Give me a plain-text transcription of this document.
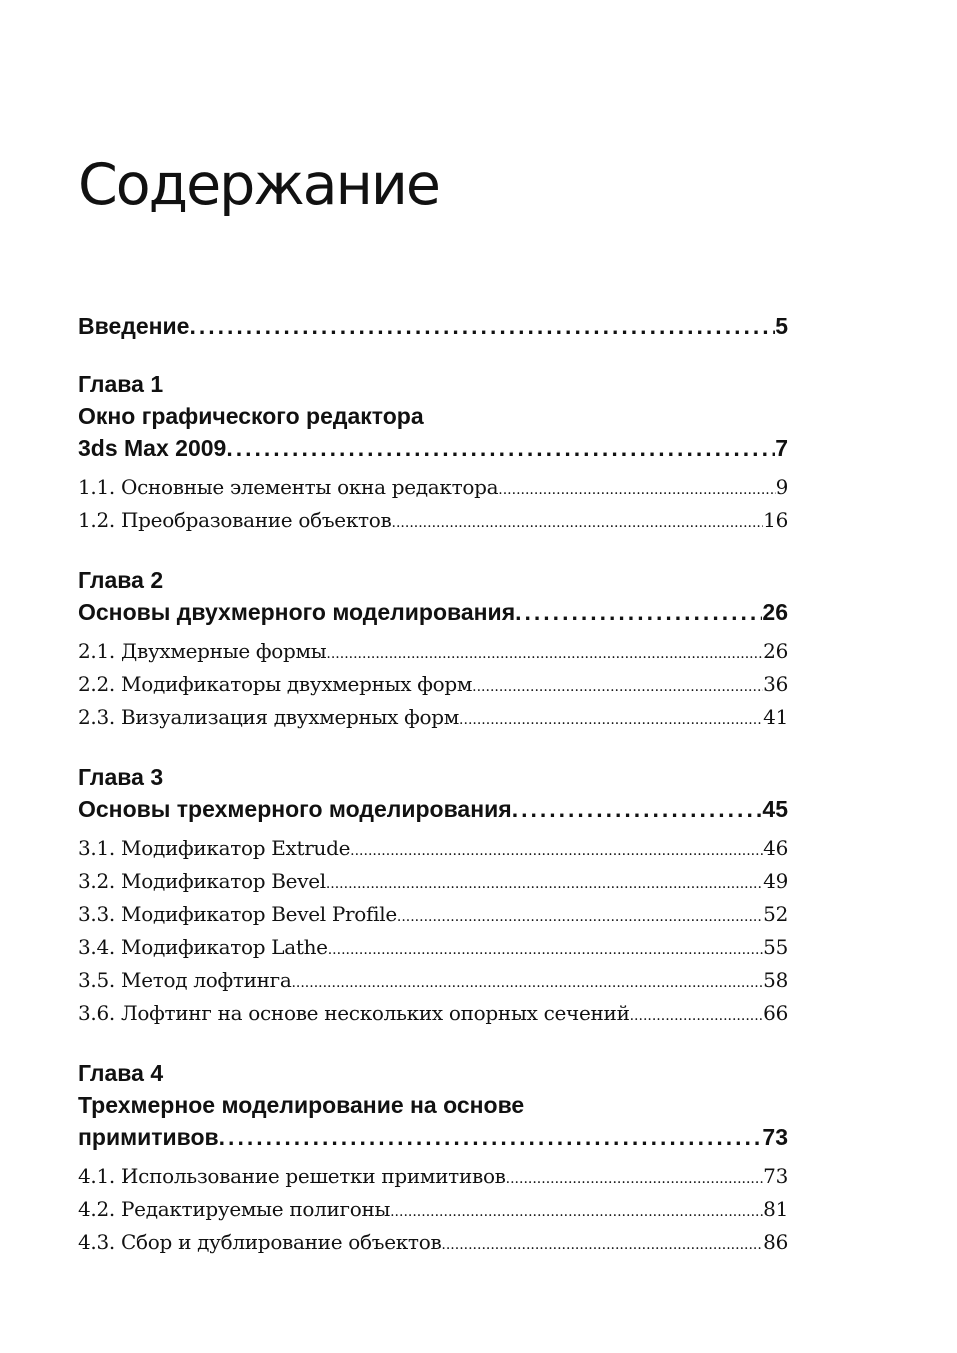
Содержание
Введение .....	5
Глава 1
Окно графического редактора
3ds Max 2009 .....	7
1.1. Основные элементы окна редактора .....	9
1.2. Преобразование объектов .....	16
Глава 2
Основы двухмерного моделирования .....	26
2.1. Двухмерные формы .....	26
2.2. Модификаторы двухмерных форм .....	36
2.3. Визуализация двухмерных форм .....	41
Глава 3
Основы трехмерного моделирования .....	45
3.1. Модификатор Extrude .....	46
3.2. Модификатор Bevel .....	49
3.3. Модификатор Bevel Profile .....	52
3.4. Модификатор Lathe .....	55
3.5. Метод лофтинга .....	58
3.6. Лофтинг на основе нескольких опорных сечений .....	66
Глава 4
Трехмерное моделирование на основе
примитивов .....	73
4.1. Использование решетки примитивов .....	73
4.2. Редактируемые полигоны .....	81
4.3. Сбор и дублирование объектов .....	86
